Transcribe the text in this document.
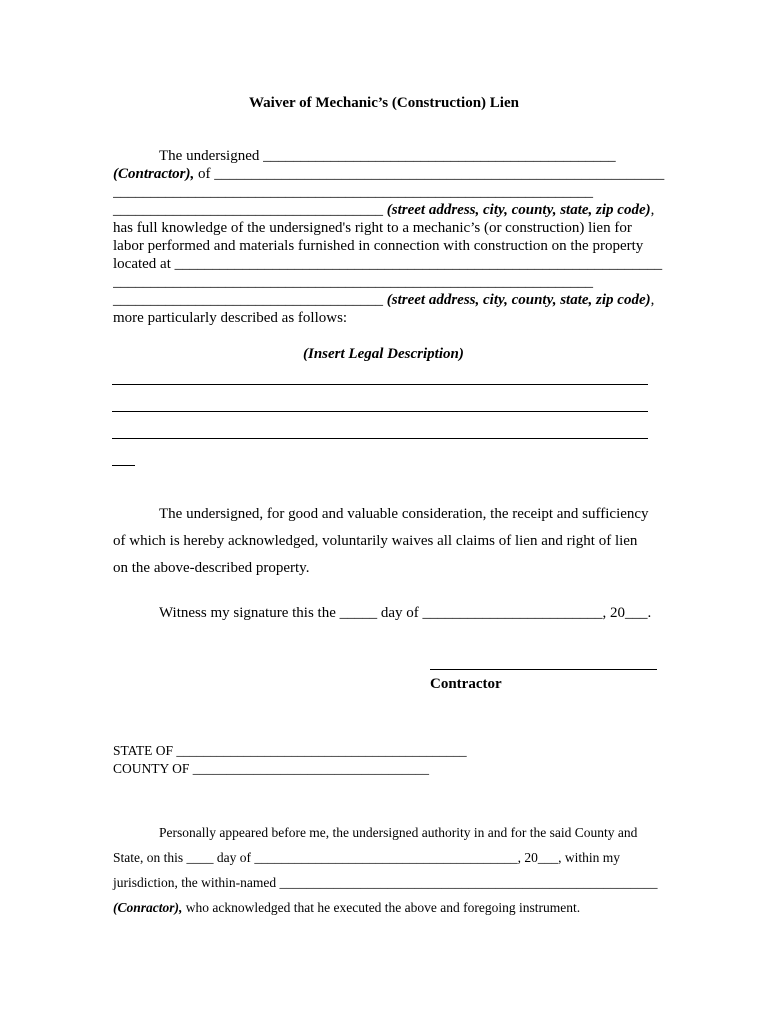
Waiver of Mechanic’s (Construction) Lien
The undersigned _______________________________________________
(Contractor), of ____________________________________________________________
________________________________________________________________
____________________________________ (street address, city, county, state, zip code),
has full knowledge of the undersigned's right to a mechanic’s (or construction) lien for
labor performed and materials furnished in connection with construction on the property
located at _________________________________________________________________
________________________________________________________________
____________________________________ (street address, city, county, state, zip code),
more particularly described as follows:
(Insert Legal Description)
The undersigned, for good and valuable consideration, the receipt and sufficiency
of which is hereby acknowledged, voluntarily waives all claims of lien and right of lien
on the above-described property.
Witness my signature this the _____ day of ________________________, 20___.
Contractor
STATE OF ___________________________________________
COUNTY OF ___________________________________
Personally appeared before me, the undersigned authority in and for the said County and
State, on this ____ day of _______________________________________, 20___, within my
jurisdiction, the within-named ________________________________________________________
(Conractor), who acknowledged that he executed the above and foregoing instrument.
